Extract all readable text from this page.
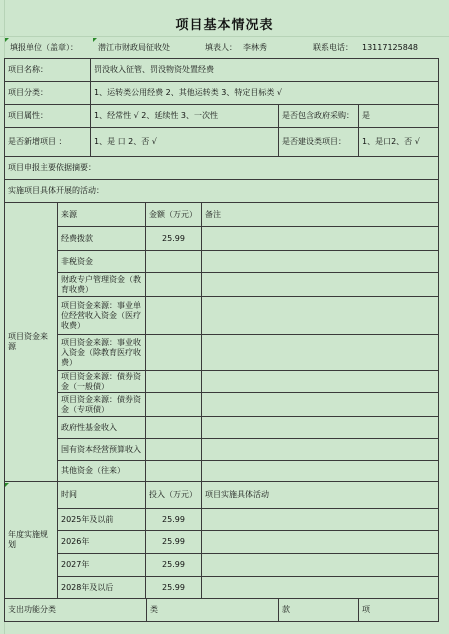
项目基本情况表
填报单位（盖章）：	潜江市财政局征收处	填表人： 李林秀	联系电话： 13117125848
项目名称：	罚没收入征管、罚没物资处置经费
项目分类：	1、运转类公用经费 2、其他运转类 3、特定目标类 √
项目属性：	1、经常性 √ 2、延续性 3、一次性	是否包含政府采购：	是
是否新增项目 ：	1、是 口 2、否 √	是否建设类项目：	1、是口2、否 √
项目申报主要依据摘要：
实施项目具体开展的活动：
项目资金来源
来源	金额（万元）	备注
经费拨款	25.99
非税资金
财政专户管理资金（教育收费）
项目资金来源：事业单位经营收入资金（医疗收费）
项目资金来源：事业收入资金（除教育医疗收费）
项目资金来源：债券资金（一般债）
项目资金来源：债券资金（专项债）
政府性基金收入
国有资本经营预算收入
其他资金（往来）
年度实施规划
时间	投入（万元）	项目实施具体活动
2025年及以前	25.99
2026年	25.99
2027年	25.99
2028年及以后	25.99
支出功能分类	类	款	项
